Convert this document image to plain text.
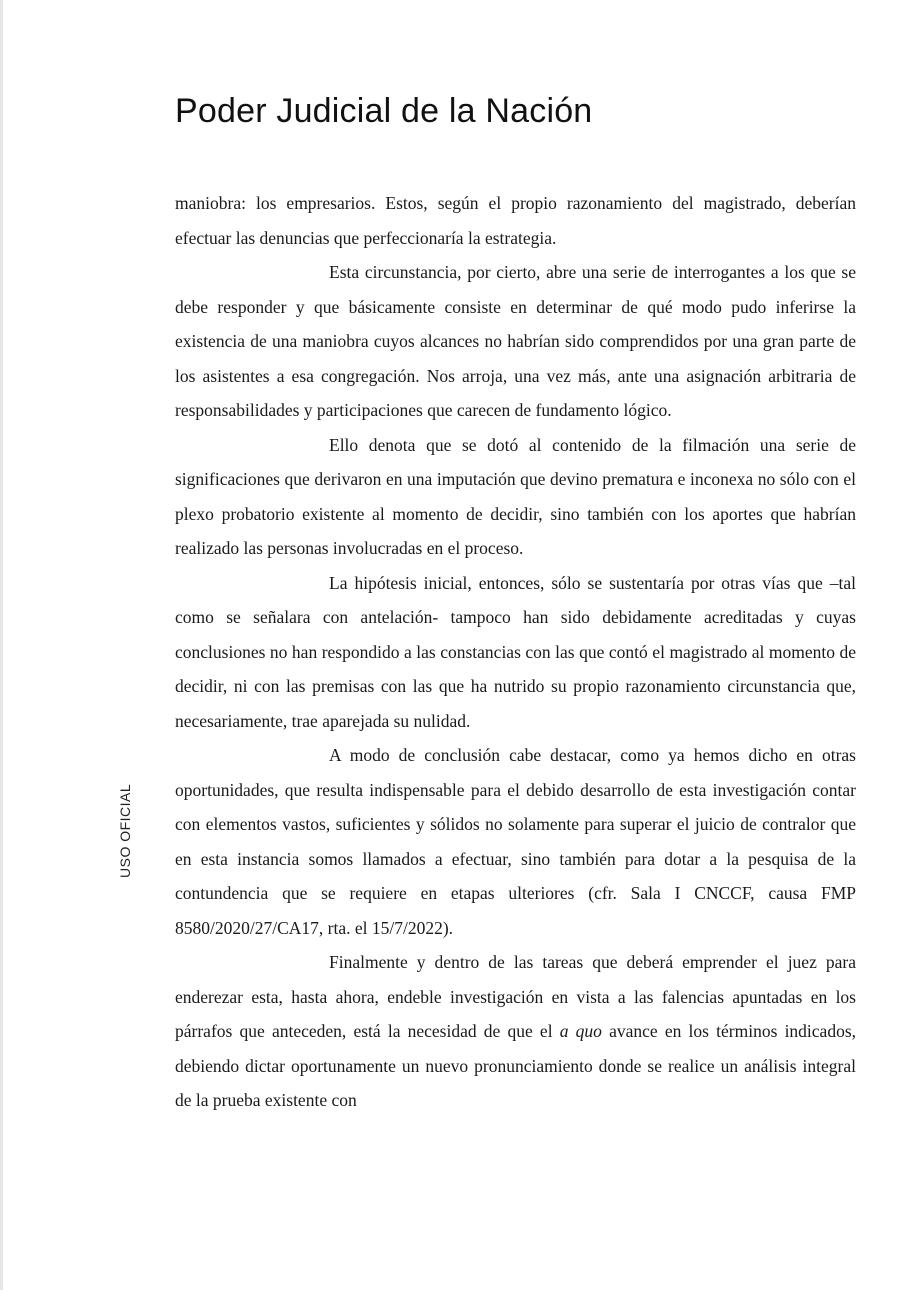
Poder Judicial de la Nación
USO OFICIAL

maniobra: los empresarios. Estos, según el propio razonamiento del magistrado, deberían efectuar las denuncias que perfeccionaría la estrategia.

Esta circunstancia, por cierto, abre una serie de interrogantes a los que se debe responder y que básicamente consiste en determinar de qué modo pudo inferirse la existencia de una maniobra cuyos alcances no habrían sido comprendidos por una gran parte de los asistentes a esa congregación. Nos arroja, una vez más, ante una asignación arbitraria de responsabilidades y participaciones que carecen de fundamento lógico.

Ello denota que se dotó al contenido de la filmación una serie de significaciones que derivaron en una imputación que devino prematura e inconexa no sólo con el plexo probatorio existente al momento de decidir, sino también con los aportes que habrían realizado las personas involucradas en el proceso.

La hipótesis inicial, entonces, sólo se sustentaría por otras vías que –tal como se señalara con antelación- tampoco han sido debidamente acreditadas y cuyas conclusiones no han respondido a las constancias con las que contó el magistrado al momento de decidir, ni con las premisas con las que ha nutrido su propio razonamiento circunstancia que, necesariamente, trae aparejada su nulidad.

A modo de conclusión cabe destacar, como ya hemos dicho en otras oportunidades, que resulta indispensable para el debido desarrollo de esta investigación contar con elementos vastos, suficientes y sólidos no solamente para superar el juicio de contralor que en esta instancia somos llamados a efectuar, sino también para dotar a la pesquisa de la contundencia que se requiere en etapas ulteriores (cfr. Sala I CNCCF, causa FMP 8580/2020/27/CA17, rta. el 15/7/2022).

Finalmente y dentro de las tareas que deberá emprender el juez para enderezar esta, hasta ahora, endeble investigación en vista a las falencias apuntadas en los párrafos que anteceden, está la necesidad de que el a quo avance en los términos indicados, debiendo dictar oportunamente un nuevo pronunciamiento donde se realice un análisis integral de la prueba existente con
